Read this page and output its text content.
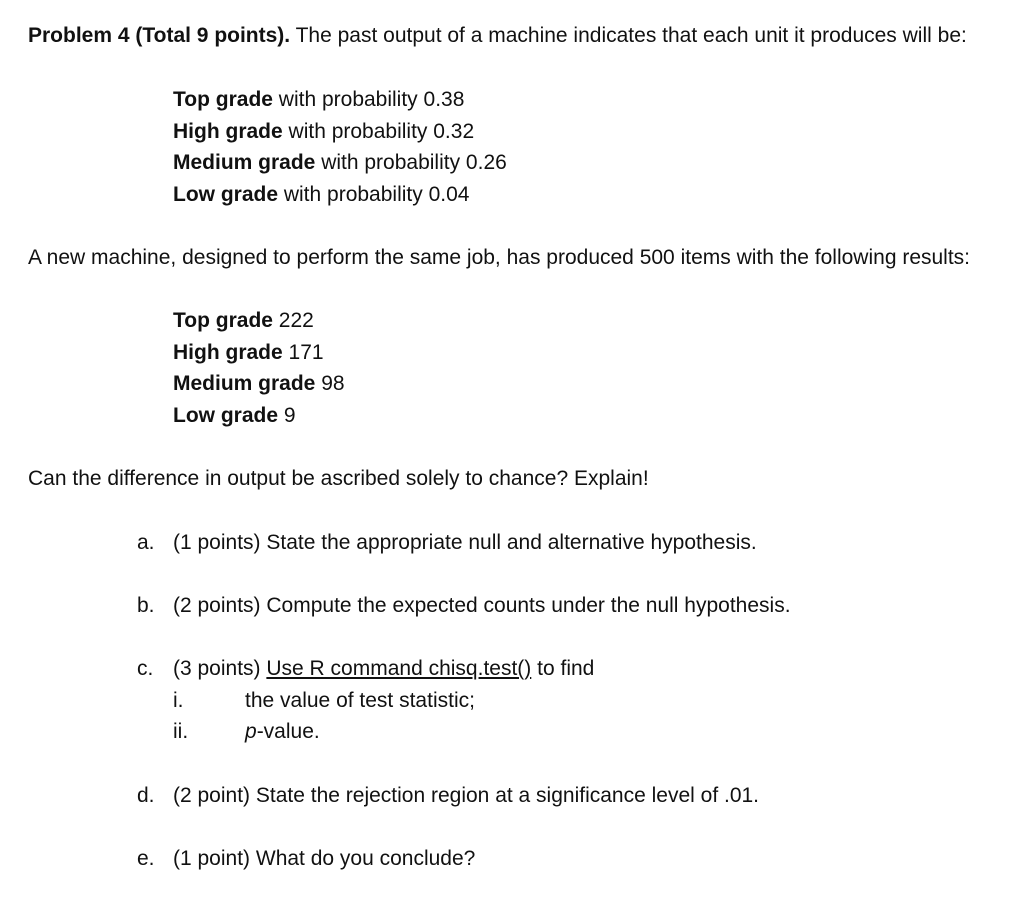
Problem 4 (Total 9 points). The past output of a machine indicates that each unit it produces will be:
Top grade with probability 0.38
High grade with probability 0.32
Medium grade with probability 0.26
Low grade with probability 0.04
A new machine, designed to perform the same job, has produced 500 items with the following results:
Top grade 222
High grade 171
Medium grade 98
Low grade 9
Can the difference in output be ascribed solely to chance? Explain!
a. (1 points) State the appropriate null and alternative hypothesis.
b. (2 points) Compute the expected counts under the null hypothesis.
c. (3 points) Use R command chisq.test() to find
i.	the value of test statistic;
ii.	p-value.
d. (2 point) State the rejection region at a significance level of .01.
e. (1 point) What do you conclude?
